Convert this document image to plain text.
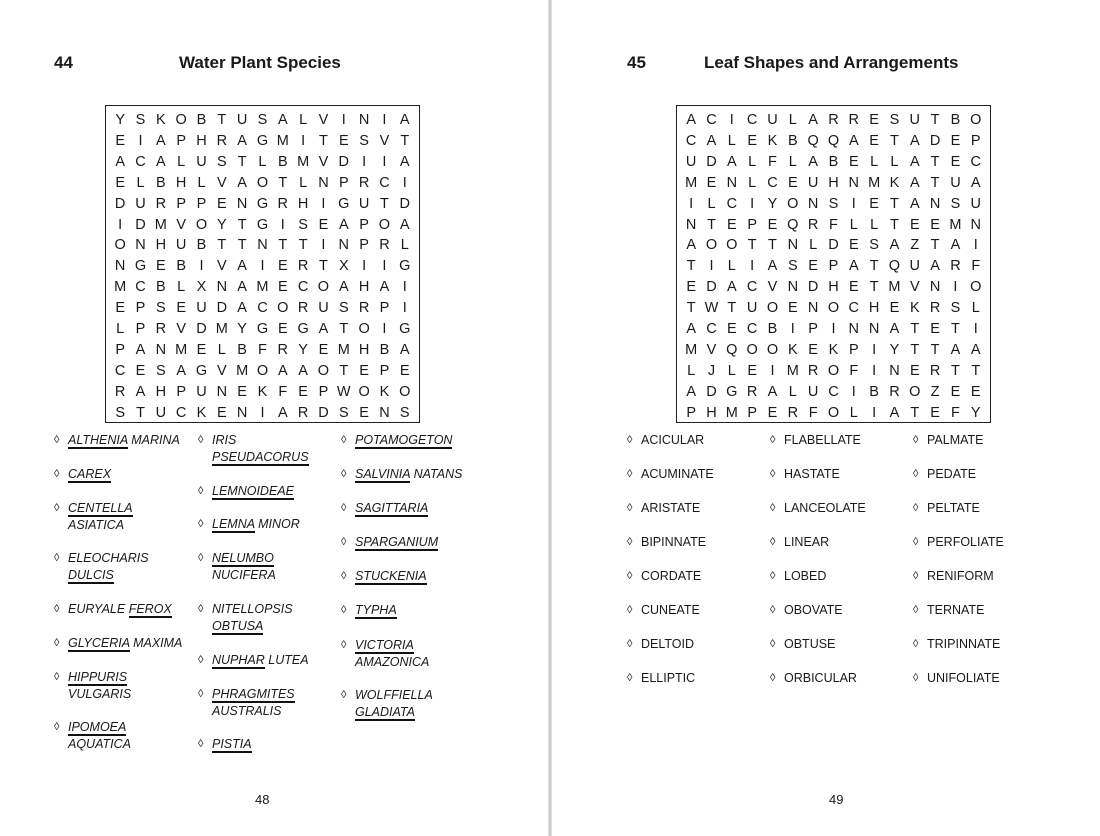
44	Water Plant Species
Y S K O B T U S A L V I N I A
E I A P H R A G M I T E S V T
A C A L U S T L B M V D I	I A
E L B H L V A O T L N P R C I
D U R P P E N G R H I G U T D
I D M V O Y T G I S E A P O A
O N H U B T T N T T I N P R L
N G E B I V A I E R T X I	I G
M C B L X N A M E C O A H A I
E P S E U D A C O R U S R P I
L P R V D M Y G E G A T O I G
P A N M E L B F R Y E M H B A
C E S A G V M O A A O T E P E
R A H P U N E K F E P W O K O
S T U C K E N I A R D S E N S
◊ ALTHENIA MARINA
◊ CAREX
◊ CENTELLA
ASIATICA
◊ ELEOCHARIS
DULCIS
◊ EURYALE FEROX
◊ GLYCERIA MAXIMA
◊ HIPPURIS
VULGARIS
◊ IPOMOEA
AQUATICA
◊ IRIS
PSEUDACORUS
◊ LEMNOIDEAE
◊ LEMNA MINOR
◊ NELUMBO
NUCIFERA
◊ NITELLOPSIS
OBTUSA
◊ NUPHAR LUTEA
◊ PHRAGMITES
AUSTRALIS
◊ PISTIA
◊ POTAMOGETON
◊ SALVINIA NATANS
◊ SAGITTARIA
◊ SPARGANIUM
◊ STUCKENIA
◊ TYPHA
◊ VICTORIA
AMAZONICA
◊ WOLFFIELLA
GLADIATA
48
45	Leaf Shapes and Arrangements
A C I C U L A R R E S U T B O
C A L E K B Q Q A E T A D E P
U D A L F L A B E L L A T E C
M E N L C E U H N M K A T U A
I L C I Y O N S I E T A N S U
N T E P E Q R F L L T E E M N
A O O T T N L D E S A Z T A I
T I L I A S E P A T Q U A R F
E D A C V N D H E T M V N I O
T W T U O E N O C H E K R S L
A C E C B I P I N N A T E T I
M V Q O O K E K P I Y T T A A
L J L E I M R O F I N E R T T
A D G R A L U C I B R O Z E E
P H M P E R F O L I A T E F Y
◊ ACICULAR
◊ ACUMINATE
◊ ARISTATE
◊ BIPINNATE
◊ CORDATE
◊ CUNEATE
◊ DELTOID
◊ ELLIPTIC
◊ FLABELLATE
◊ HASTATE
◊ LANCEOLATE
◊ LINEAR
◊ LOBED
◊ OBOVATE
◊ OBTUSE
◊ ORBICULAR
◊ PALMATE
◊ PEDATE
◊ PELTATE
◊ PERFOLIATE
◊ RENIFORM
◊ TERNATE
◊ TRIPINNATE
◊ UNIFOLIATE
49
